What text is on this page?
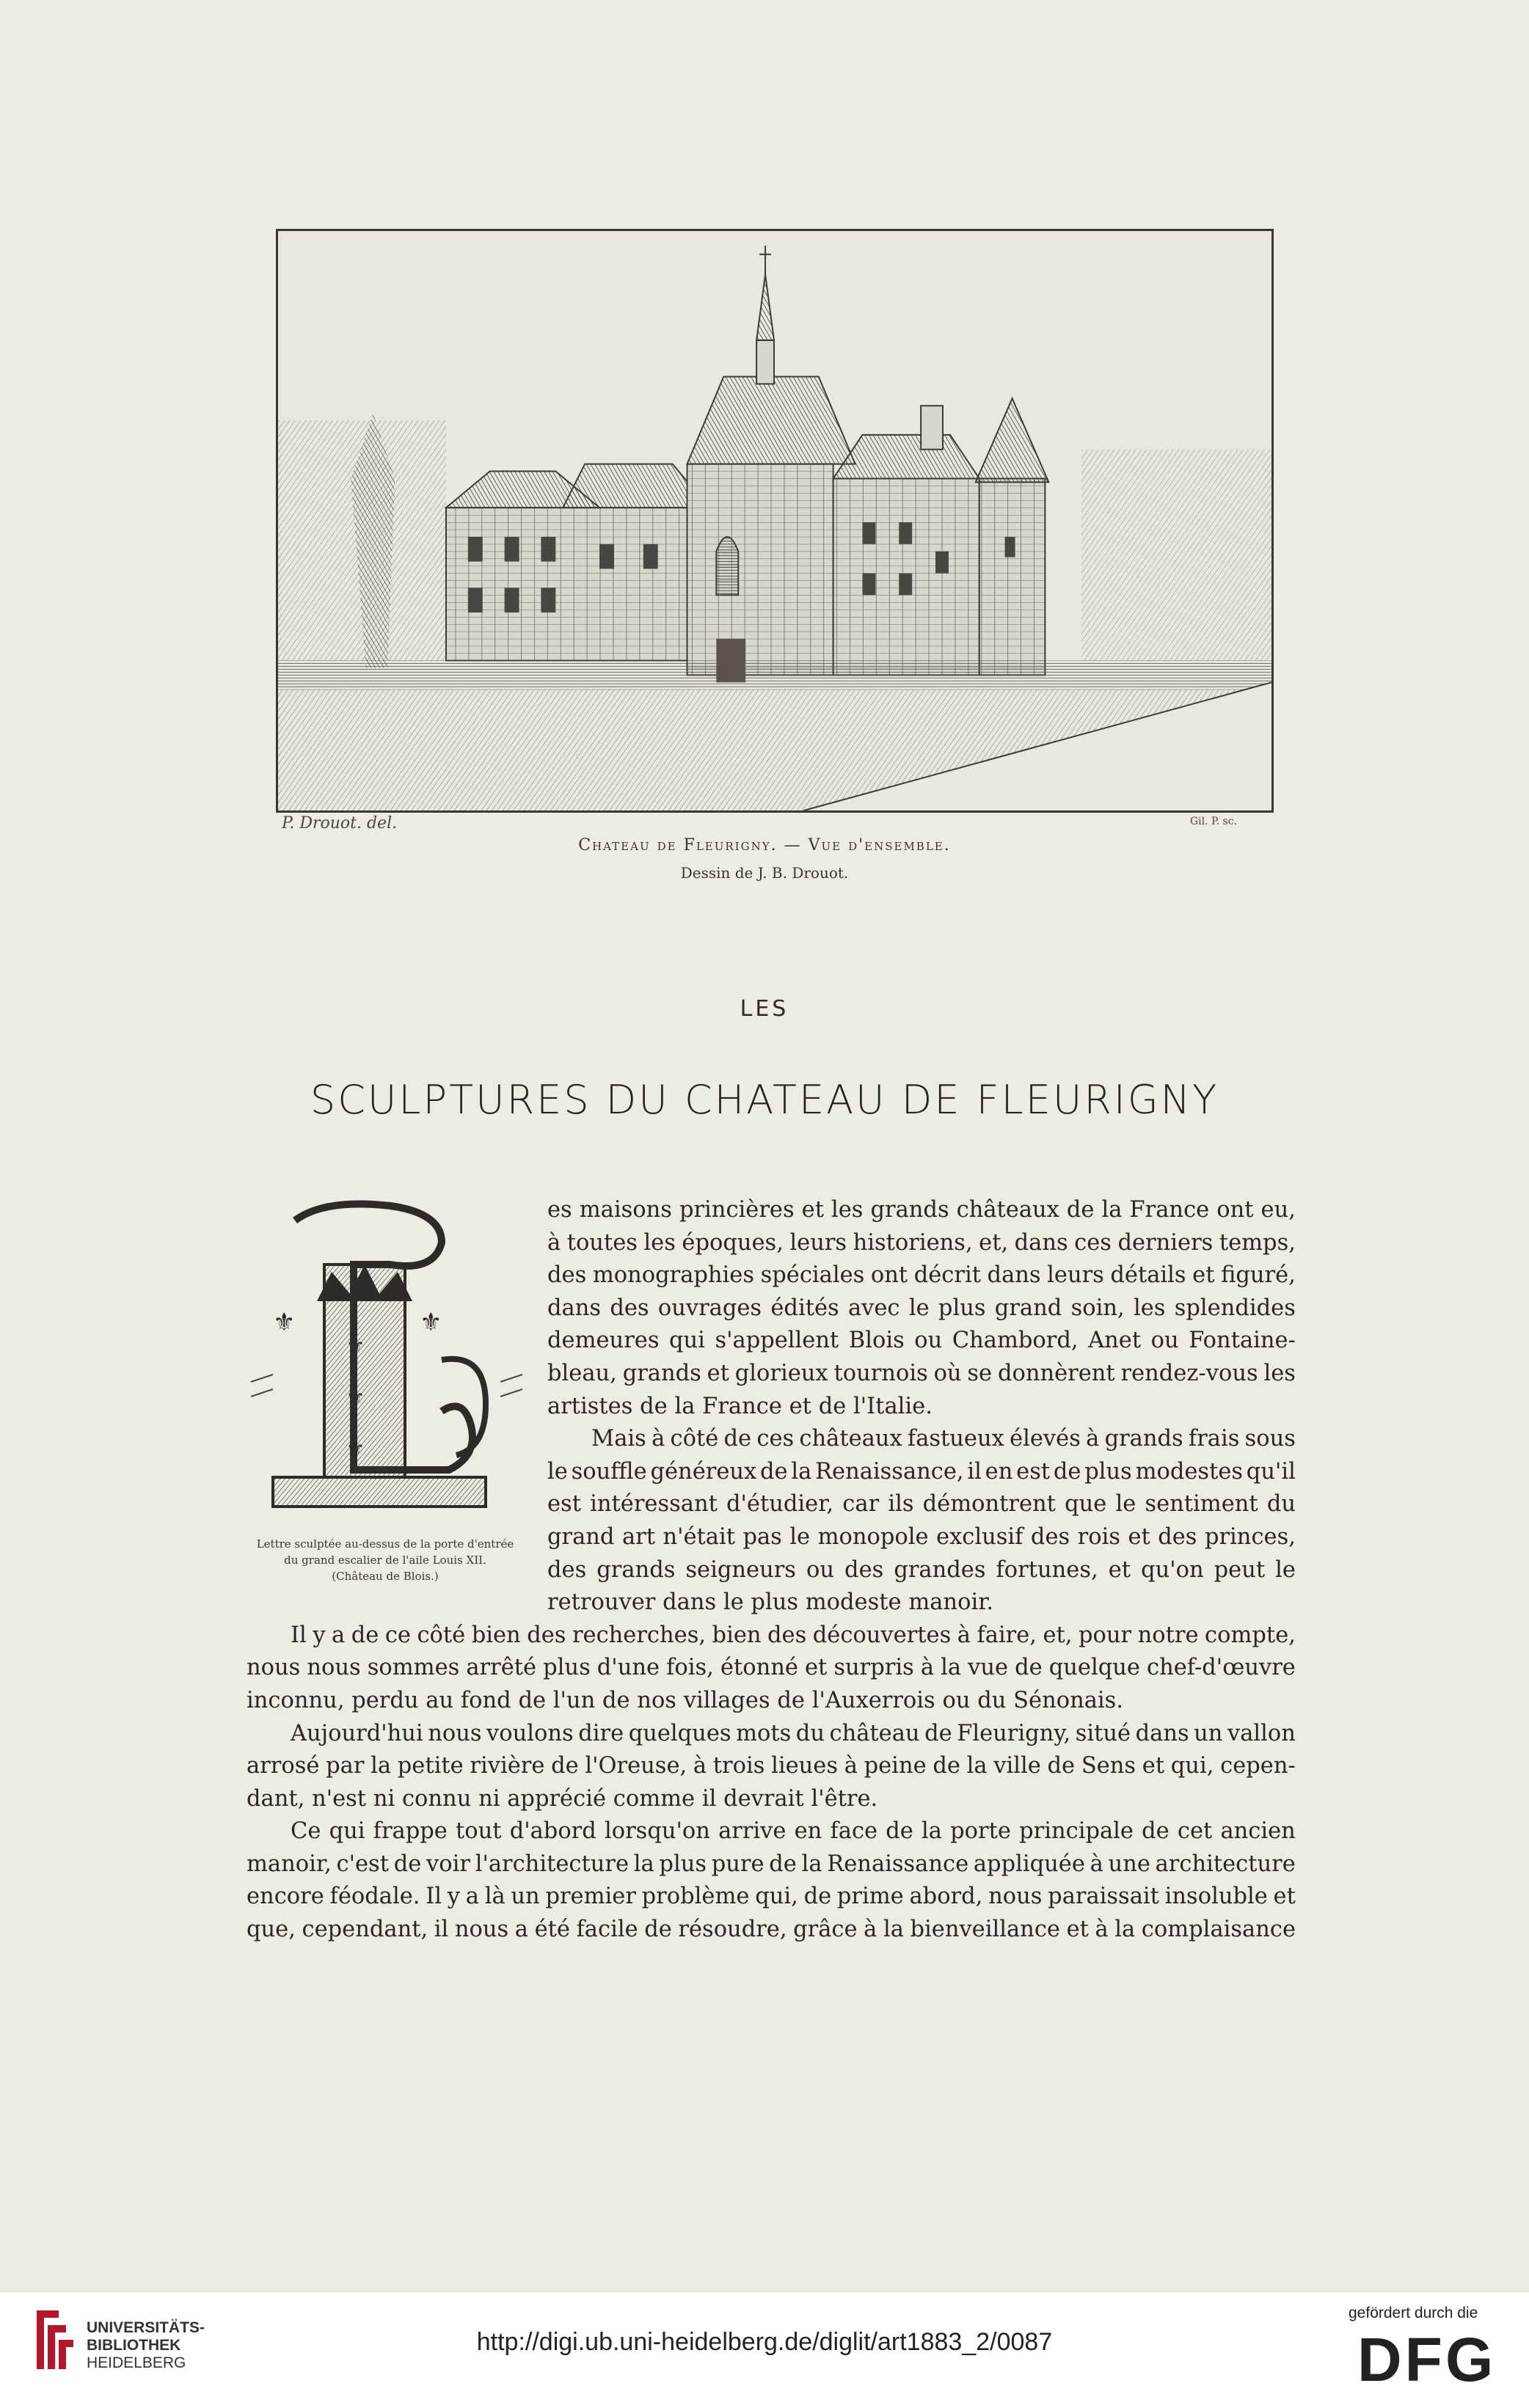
P. Drouot. del.	Gil. P. sc.
Chateau de Fleurigny. — Vue d'ensemble.
Dessin de J. B. Drouot.
LES
SCULPTURES DU CHATEAU DE FLEURIGNY
⚜	⚜
⚜
⚜
⚜
Lettre sculptée au-dessus de la porte d'entrée
du grand escalier de l'aile Louis XII.
(Château de Blois.)
es maisons princières et les grands châteaux de la France ont eu,
à toutes les époques, leurs historiens, et, dans ces derniers temps,
des monographies spéciales ont décrit dans leurs détails et figuré,
dans des ouvrages édités avec le plus grand soin, les splendides
demeures qui s'appellent Blois ou Chambord, Anet ou Fontaine-
bleau, grands et glorieux tournois où se donnèrent rendez-vous les
artistes de la France et de l'Italie.
Mais à côté de ces châteaux fastueux élevés à grands frais sous
le souffle généreux de la Renaissance, il en est de plus modestes qu'il
est intéressant d'étudier, car ils démontrent que le sentiment du
grand art n'était pas le monopole exclusif des rois et des princes,
des grands seigneurs ou des grandes fortunes, et qu'on peut le
retrouver dans le plus modeste manoir.
Il y a de ce côté bien des recherches, bien des découvertes à faire, et, pour notre compte,
nous nous sommes arrêté plus d'une fois, étonné et surpris à la vue de quelque chef-d'œuvre
inconnu, perdu au fond de l'un de nos villages de l'Auxerrois ou du Sénonais.
Aujourd'hui nous voulons dire quelques mots du château de Fleurigny, situé dans un vallon
arrosé par la petite rivière de l'Oreuse, à trois lieues à peine de la ville de Sens et qui, cepen-
dant, n'est ni connu ni apprécié comme il devrait l'être.
Ce qui frappe tout d'abord lorsqu'on arrive en face de la porte principale de cet ancien
manoir, c'est de voir l'architecture la plus pure de la Renaissance appliquée à une architecture
encore féodale. Il y a là un premier problème qui, de prime abord, nous paraissait insoluble et
que, cependant, il nous a été facile de résoudre, grâce à la bienveillance et à la complaisance
UNIVERSITÄTS-
BIBLIOTHEK
HEIDELBERG
http://digi.ub.uni-heidelberg.de/diglit/art1883_2/0087
gefördert durch die
DFG
